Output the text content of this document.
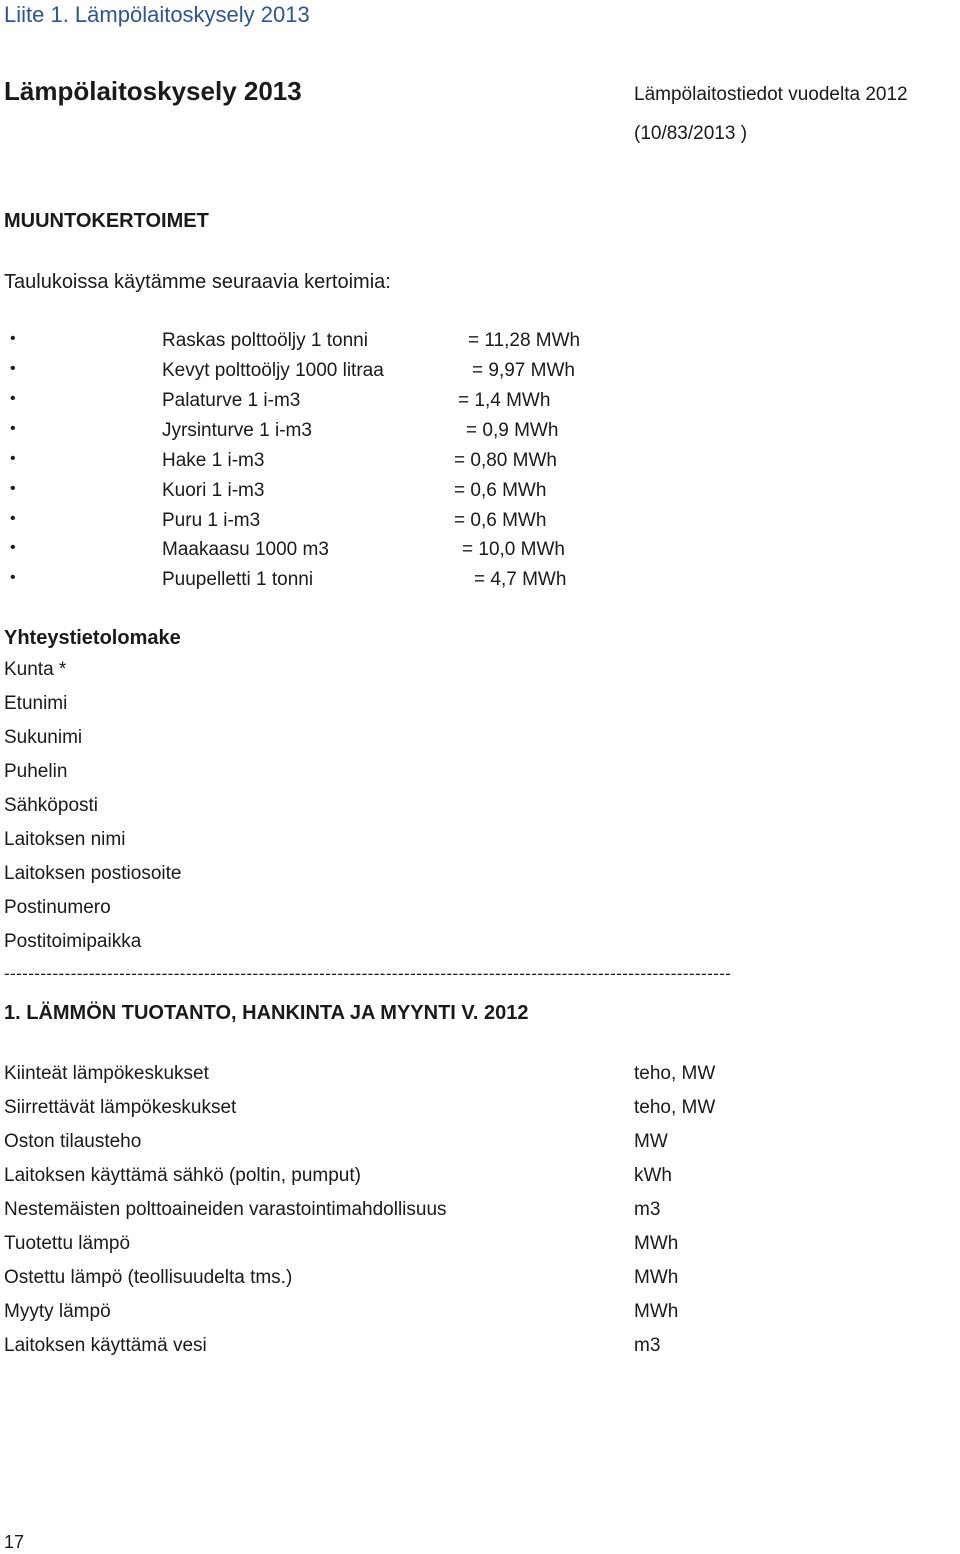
Liite 1. Lämpölaitoskysely 2013
Lämpölaitoskysely 2013	Lämpölaitostiedot vuodelta 2012
(10/83/2013 )
MUUNTOKERTOIMET
Taulukoissa käytämme seuraavia kertoimia:
•	Raskas polttoöljy 1 tonni	= 11,28 MWh
•	Kevyt polttoöljy 1000 litraa	= 9,97 MWh
•	Palaturve 1 i-m3	= 1,4 MWh
•	Jyrsinturve 1 i-m3	= 0,9 MWh
•	Hake 1 i-m3	= 0,80 MWh
•	Kuori 1 i-m3	= 0,6 MWh
•	Puru 1 i-m3	= 0,6 MWh
•	Maakaasu 1000 m3	= 10,0 MWh
•	Puupelletti 1 tonni	= 4,7 MWh
Yhteystietolomake
Kunta *
Etunimi
Sukunimi
Puhelin
Sähköposti
Laitoksen nimi
Laitoksen postiosoite
Postinumero
Postitoimipaikka
------------------------------------------------------------------------------------------------------------------------
1. LÄMMÖN TUOTANTO, HANKINTA JA MYYNTI V. 2012
Kiinteät lämpökeskukset	teho, MW
Siirrettävät lämpökeskukset	teho, MW
Oston tilausteho	MW
Laitoksen käyttämä sähkö (poltin, pumput)	kWh
Nestemäisten polttoaineiden varastointimahdollisuus	m3
Tuotettu lämpö	MWh
Ostettu lämpö (teollisuudelta tms.)	MWh
Myyty lämpö	MWh
Laitoksen käyttämä vesi	m3
17
